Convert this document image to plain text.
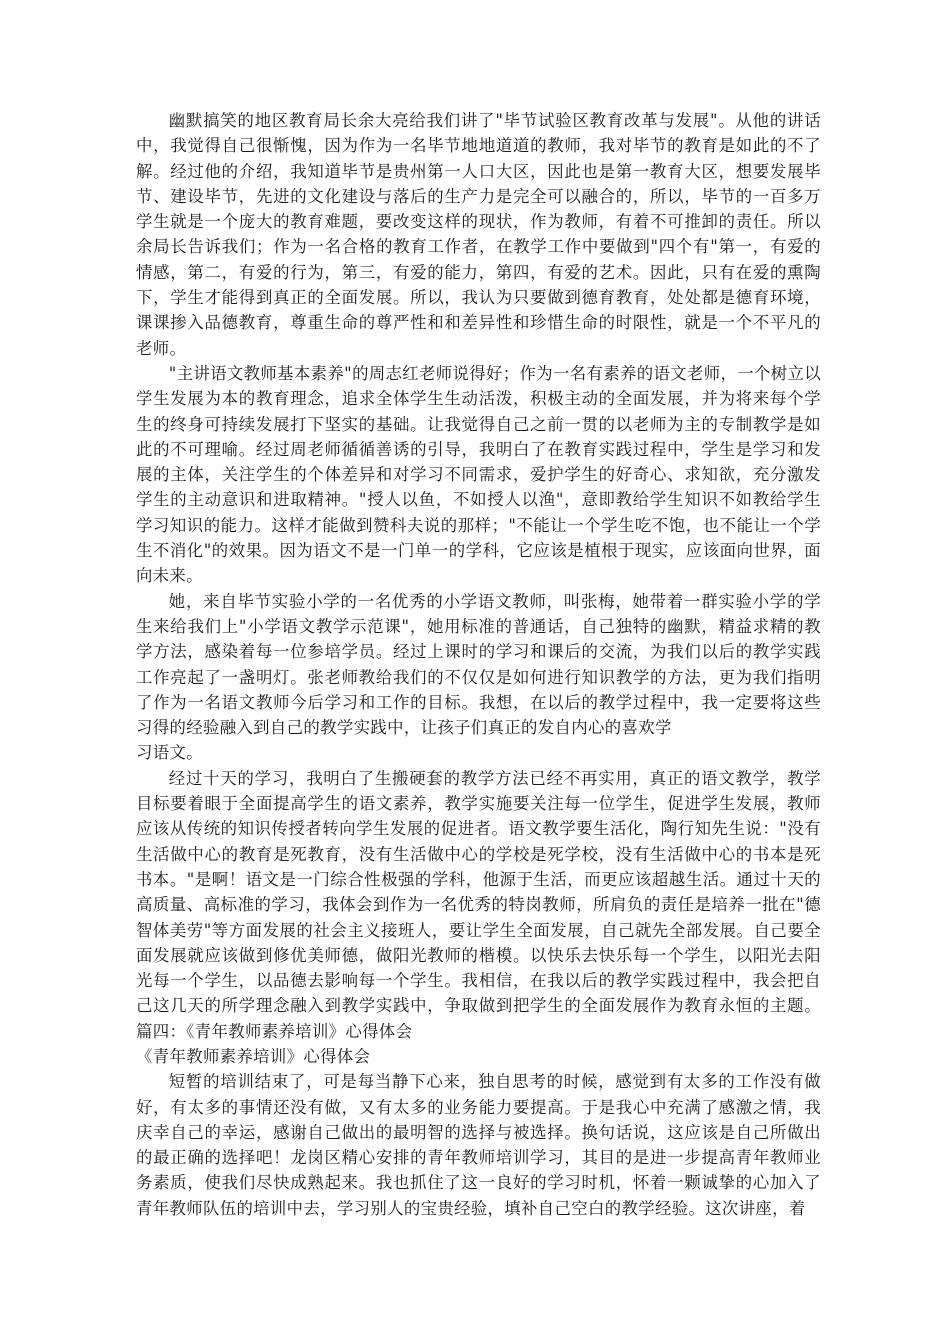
幽默搞笑的地区教育局长余大亮给我们讲了"毕节试验区教育改革与发展"。从他的讲话中，我觉得自己很惭愧，因为作为一名毕节地地道道的教师，我对毕节的教育是如此的不了解。经过他的介绍，我知道毕节是贵州第一人口大区，因此也是第一教育大区，想要发展毕节、建设毕节，先进的文化建设与落后的生产力是完全可以融合的，所以，毕节的一百多万学生就是一个庞大的教育难题，要改变这样的现状，作为教师，有着不可推卸的责任。所以余局长告诉我们；作为一名合格的教育工作者，在教学工作中要做到"四个有"第一，有爱的情感，第二，有爱的行为，第三，有爱的能力，第四，有爱的艺术。因此，只有在爱的熏陶下，学生才能得到真正的全面发展。所以，我认为只要做到德育教育，处处都是德育环境，课课掺入品德教育，尊重生命的尊严性和和差异性和珍惜生命的时限性，就是一个不平凡的老师。

"主讲语文教师基本素养"的周志红老师说得好；作为一名有素养的语文老师，一个树立以学生发展为本的教育理念，追求全体学生生动活泼，积极主动的全面发展，并为将来每个学生的终身可持续发展打下坚实的基础。让我觉得自己之前一贯的以老师为主的专制教学是如此的不可理喻。经过周老师循循善诱的引导，我明白了在教育实践过程中，学生是学习和发展的主体，关注学生的个体差异和对学习不同需求，爱护学生的好奇心、求知欲，充分激发学生的主动意识和进取精神。"授人以鱼，不如授人以渔"，意即教给学生知识不如教给学生学习知识的能力。这样才能做到赞科夫说的那样；"不能让一个学生吃不饱，也不能让一个学生不消化"的效果。因为语文不是一门单一的学科，它应该是植根于现实，应该面向世界，面向未来。

她，来自毕节实验小学的一名优秀的小学语文教师，叫张梅，她带着一群实验小学的学生来给我们上"小学语文教学示范课"，她用标准的普通话，自己独特的幽默，精益求精的教学方法，感染着每一位参培学员。经过上课时的学习和课后的交流，为我们以后的教学实践工作亮起了一盏明灯。张老师教给我们的不仅仅是如何进行知识教学的方法，更为我们指明了作为一名语文教师今后学习和工作的目标。我想，在以后的教学过程中，我一定要将这些习得的经验融入到自己的教学实践中，让孩子们真正的发自内心的喜欢学

习语文。

经过十天的学习，我明白了生搬硬套的教学方法已经不再实用，真正的语文教学，教学目标要着眼于全面提高学生的语文素养，教学实施要关注每一位学生，促进学生发展，教师应该从传统的知识传授者转向学生发展的促进者。语文教学要生活化，陶行知先生说："没有生活做中心的教育是死教育，没有生活做中心的学校是死学校，没有生活做中心的书本是死书本。"是啊！语文是一门综合性极强的学科，他源于生活，而更应该超越生活。通过十天的高质量、高标准的学习，我体会到作为一名优秀的特岗教师，所肩负的责任是培养一批在"德智体美劳"等方面发展的社会主义接班人，要让学生全面发展，自己就先全部发展。自己要全面发展就应该做到修优美师德，做阳光教师的楷模。以快乐去快乐每一个学生，以阳光去阳光每一个学生，以品德去影响每一个学生。我相信，在我以后的教学实践过程中，我会把自己这几天的所学理念融入到教学实践中，争取做到把学生的全面发展作为教育永恒的主题。篇四：《青年教师素养培训》心得体会

《青年教师素养培训》心得体会

短暂的培训结束了，可是每当静下心来，独自思考的时候，感觉到有太多的工作没有做好，有太多的事情还没有做，又有太多的业务能力要提高。于是我心中充满了感激之情，我庆幸自己的幸运，感谢自己做出的最明智的选择与被选择。换句话说，这应该是自己所做出的最正确的选择吧！龙岗区精心安排的青年教师培训学习，其目的是进一步提高青年教师业务素质，使我们尽快成熟起来。我也抓住了这一良好的学习时机，怀着一颗诚挚的心加入了青年教师队伍的培训中去，学习别人的宝贵经验，填补自己空白的教学经验。这次讲座，着
